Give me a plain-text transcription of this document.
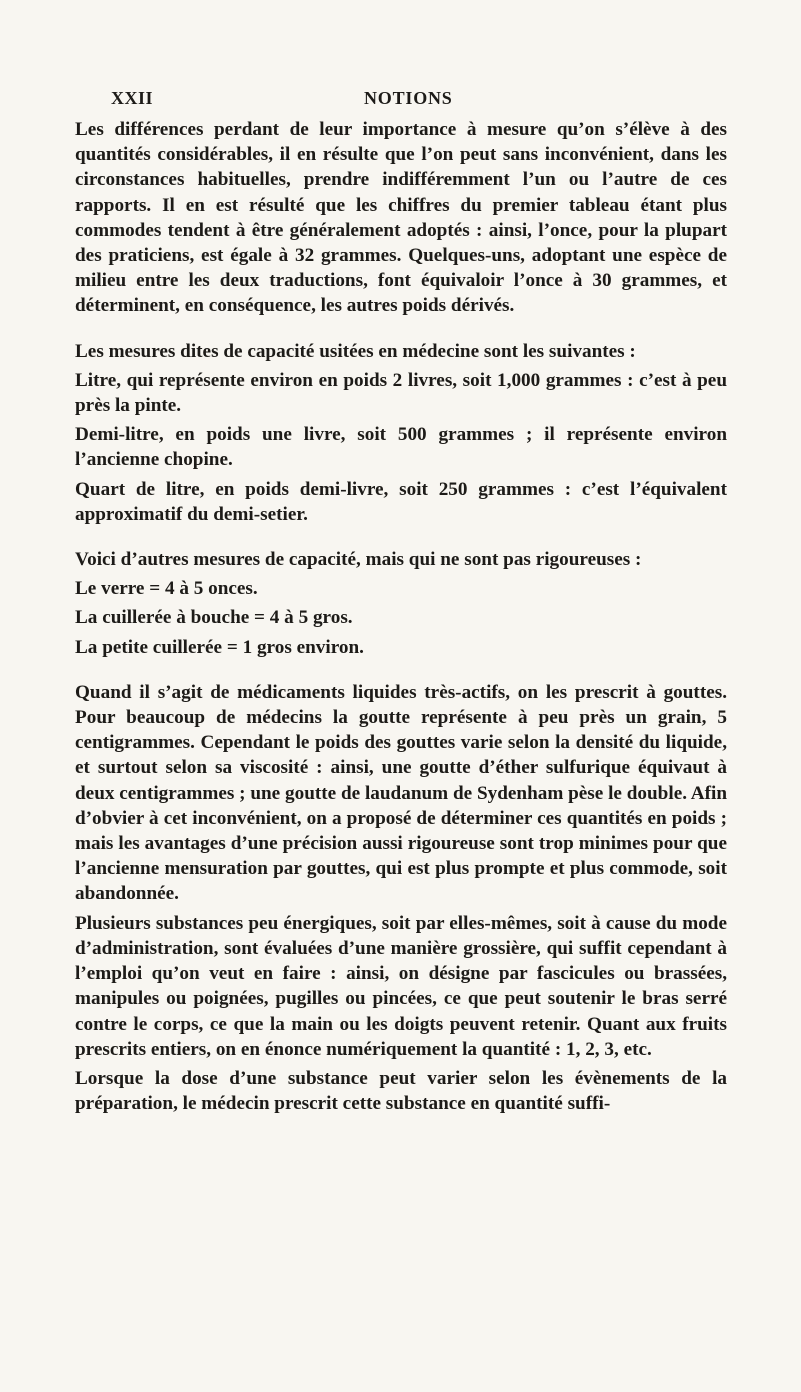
XXII	NOTIONS

Les différences perdant de leur importance à mesure qu’on s’élève à des quantités considérables, il en résulte que l’on peut sans inconvénient, dans les circonstances habituelles, prendre indifféremment l’un ou l’autre de ces rapports. Il en est résulté que les chiffres du premier tableau étant plus commodes tendent à être généralement adoptés : ainsi, l’once, pour la plupart des praticiens, est égale à 32 grammes. Quelques-uns, adoptant une espèce de milieu entre les deux traductions, font équivaloir l’once à 30 grammes, et déterminent, en conséquence, les autres poids dérivés.

Les mesures dites de capacité usitées en médecine sont les suivantes :

Litre, qui représente environ en poids 2 livres, soit 1,000 grammes : c’est à peu près la pinte.

Demi-litre, en poids une livre, soit 500 grammes ; il représente environ l’ancienne chopine.

Quart de litre, en poids demi-livre, soit 250 grammes : c’est l’équivalent approximatif du demi-setier.

Voici d’autres mesures de capacité, mais qui ne sont pas rigoureuses :

Le verre = 4 à 5 onces.

La cuillerée à bouche = 4 à 5 gros.

La petite cuillerée = 1 gros environ.

Quand il s’agit de médicaments liquides très-actifs, on les prescrit à gouttes. Pour beaucoup de médecins la goutte représente à peu près un grain, 5 centigrammes. Cependant le poids des gouttes varie selon la densité du liquide, et surtout selon sa viscosité : ainsi, une goutte d’éther sulfurique équivaut à deux centigrammes ; une goutte de laudanum de Sydenham pèse le double. Afin d’obvier à cet inconvénient, on a proposé de déterminer ces quantités en poids ; mais les avantages d’une précision aussi rigoureuse sont trop minimes pour que l’ancienne mensuration par gouttes, qui est plus prompte et plus commode, soit abandonnée.

Plusieurs substances peu énergiques, soit par elles-mêmes, soit à cause du mode d’administration, sont évaluées d’une manière grossière, qui suffit cependant à l’emploi qu’on veut en faire : ainsi, on désigne par fascicules ou brassées, manipules ou poignées, pugilles ou pincées, ce que peut soutenir le bras serré contre le corps, ce que la main ou les doigts peuvent retenir. Quant aux fruits prescrits entiers, on en énonce numériquement la quantité : 1, 2, 3, etc.

Lorsque la dose d’une substance peut varier selon les évènements de la préparation, le médecin prescrit cette substance en quantité suffi-
